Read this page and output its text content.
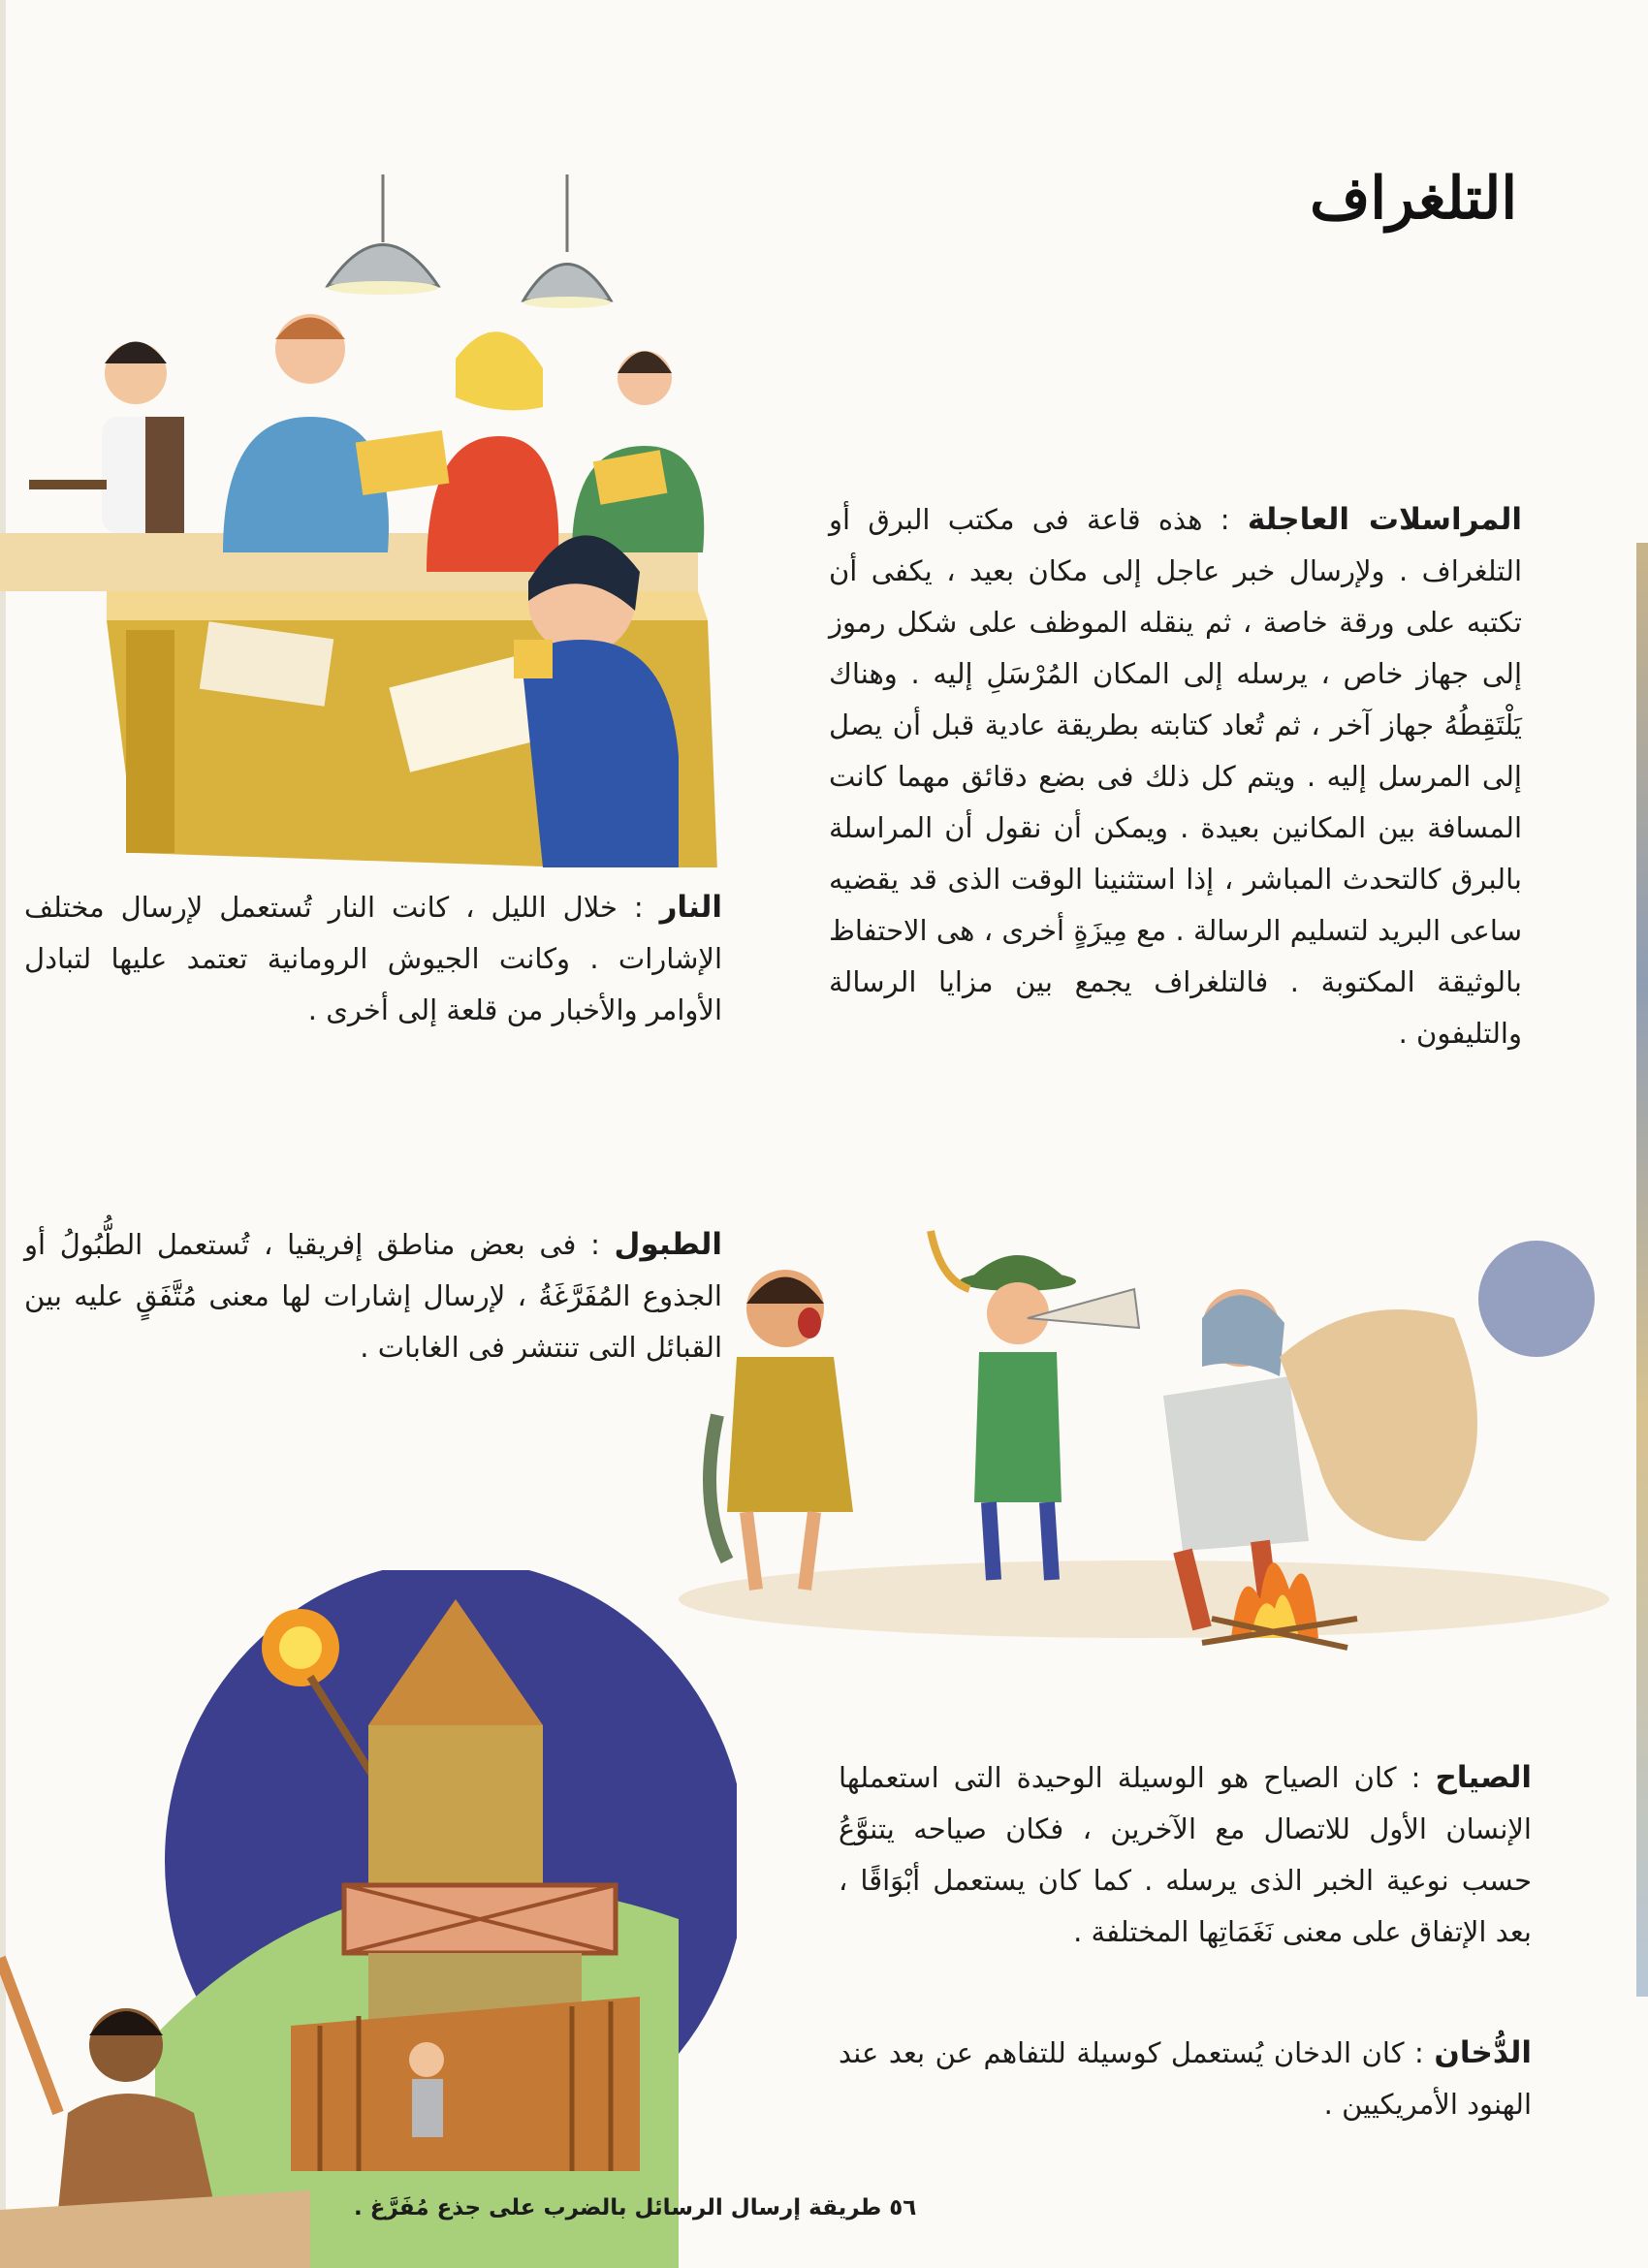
التلغراف
المراسلات العاجلة : هذه قاعة فى مكتب البرق أو التلغراف . ولإرسال خبر عاجل إلى مكان بعيد ، يكفى أن تكتبه على ورقة خاصة ، ثم ينقله الموظف على شكل رموز إلى جهاز خاص ، يرسله إلى المكان المُرْسَلِ إليه . وهناك يَلْتَقِطُهُ جهاز آخر ، ثم تُعاد كتابته بطريقة عادية قبل أن يصل إلى المرسل إليه . ويتم كل ذلك فى بضع دقائق مهما كانت المسافة بين المكانين بعيدة . ويمكن أن نقول أن المراسلة بالبرق كالتحدث المباشر ، إذا استثنينا الوقت الذى قد يقضيه ساعى البريد لتسليم الرسالة . مع مِيزَةٍ أخرى ، هى الاحتفاظ بالوثيقة المكتوبة . فالتلغراف يجمع بين مزايا الرسالة والتليفون .
النار : خلال الليل ، كانت النار تُستعمل لإرسال مختلف الإشارات . وكانت الجيوش الرومانية تعتمد عليها لتبادل الأوامر والأخبار من قلعة إلى أخرى .
الطبول : فى بعض مناطق إفريقيا ، تُستعمل الطُّبُولُ أو الجذوع المُفَرَّغَةُ ، لإرسال إشارات لها معنى مُتَّفَقٍ عليه بين القبائل التى تنتشر فى الغابات .
الصياح : كان الصياح هو الوسيلة الوحيدة التى استعملها الإنسان الأول للاتصال مع الآخرين ، فكان صياحه يتنوَّعُ حسب نوعية الخبر الذى يرسله . كما كان يستعمل أبْوَاقًا ، بعد الإتفاق على معنى نَغَمَاتِها المختلفة .
الدُّخان : كان الدخان يُستعمل كوسيلة للتفاهم عن بعد عند الهنود الأمريكيين .
٥٦ طريقة إرسال الرسائل بالضرب على جذع مُفَرَّغ .
